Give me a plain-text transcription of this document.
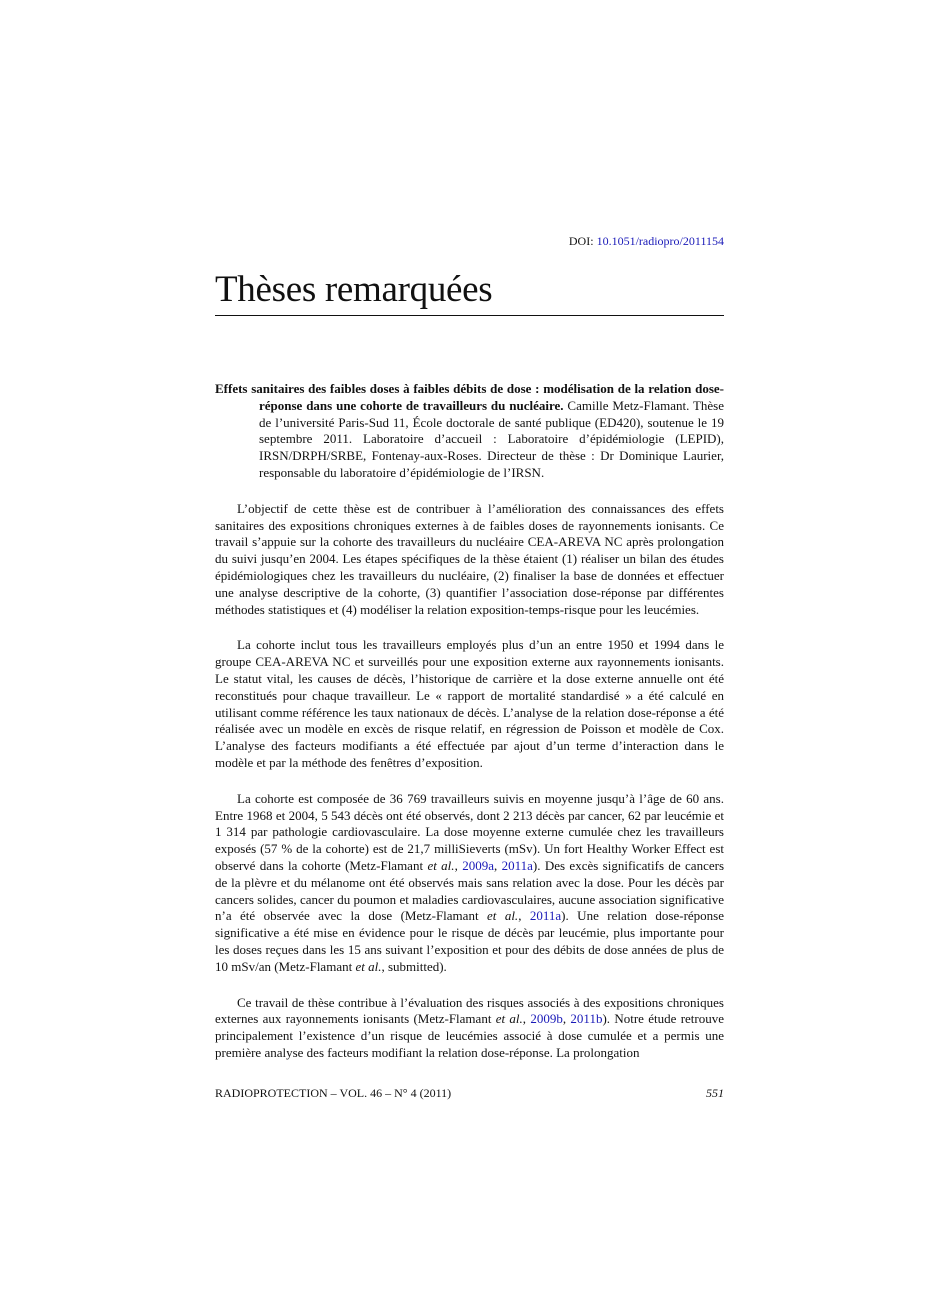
DOI: 10.1051/radiopro/2011154
Thèses remarquées

Effets sanitaires des faibles doses à faibles débits de dose : modélisation de la relation dose-réponse dans une cohorte de travailleurs du nucléaire. Camille Metz-Flamant. Thèse de l’université Paris-Sud 11, École doctorale de santé publique (ED420), soutenue le 19 septembre 2011. Laboratoire d’accueil : Laboratoire d’épidémiologie (LEPID), IRSN/DRPH/SRBE, Fontenay-aux-Roses. Directeur de thèse : Dr Dominique Laurier, responsable du laboratoire d’épidémiologie de l’IRSN.

L’objectif de cette thèse est de contribuer à l’amélioration des connaissances des effets sanitaires des expositions chroniques externes à de faibles doses de rayonnements ionisants. Ce travail s’appuie sur la cohorte des travailleurs du nucléaire CEA-AREVA NC après prolongation du suivi jusqu’en 2004. Les étapes spécifiques de la thèse étaient (1) réaliser un bilan des études épidémiologiques chez les travailleurs du nucléaire, (2) finaliser la base de données et effectuer une analyse descriptive de la cohorte, (3) quantifier l’association dose-réponse par différentes méthodes statistiques et (4) modéliser la relation exposition-temps-risque pour les leucémies.

La cohorte inclut tous les travailleurs employés plus d’un an entre 1950 et 1994 dans le groupe CEA-AREVA NC et surveillés pour une exposition externe aux rayonnements ionisants. Le statut vital, les causes de décès, l’historique de carrière et la dose externe annuelle ont été reconstitués pour chaque travailleur. Le « rapport de mortalité standardisé » a été calculé en utilisant comme référence les taux nationaux de décès. L’analyse de la relation dose-réponse a été réalisée avec un modèle en excès de risque relatif, en régression de Poisson et modèle de Cox. L’analyse des facteurs modifiants a été effectuée par ajout d’un terme d’interaction dans le modèle et par la méthode des fenêtres d’exposition.

La cohorte est composée de 36 769 travailleurs suivis en moyenne jusqu’à l’âge de 60 ans. Entre 1968 et 2004, 5 543 décès ont été observés, dont 2 213 décès par cancer, 62 par leucémie et 1 314 par pathologie cardiovasculaire. La dose moyenne externe cumulée chez les travailleurs exposés (57 % de la cohorte) est de 21,7 milliSieverts (mSv). Un fort Healthy Worker Effect est observé dans la cohorte (Metz-Flamant et al., 2009a, 2011a). Des excès significatifs de cancers de la plèvre et du mélanome ont été observés mais sans relation avec la dose. Pour les décès par cancers solides, cancer du poumon et maladies cardiovasculaires, aucune association significative n’a été observée avec la dose (Metz-Flamant et al., 2011a). Une relation dose-réponse significative a été mise en évidence pour le risque de décès par leucémie, plus importante pour les doses reçues dans les 15 ans suivant l’exposition et pour des débits de dose années de plus de 10 mSv/an (Metz-Flamant et al., submitted).

Ce travail de thèse contribue à l’évaluation des risques associés à des expositions chroniques externes aux rayonnements ionisants (Metz-Flamant et al., 2009b, 2011b). Notre étude retrouve principalement l’existence d’un risque de leucémies associé à dose cumulée et a permis une première analyse des facteurs modifiant la relation dose-réponse. La prolongation

RADIOPROTECTION – VOL. 46 – N° 4 (2011)	551
